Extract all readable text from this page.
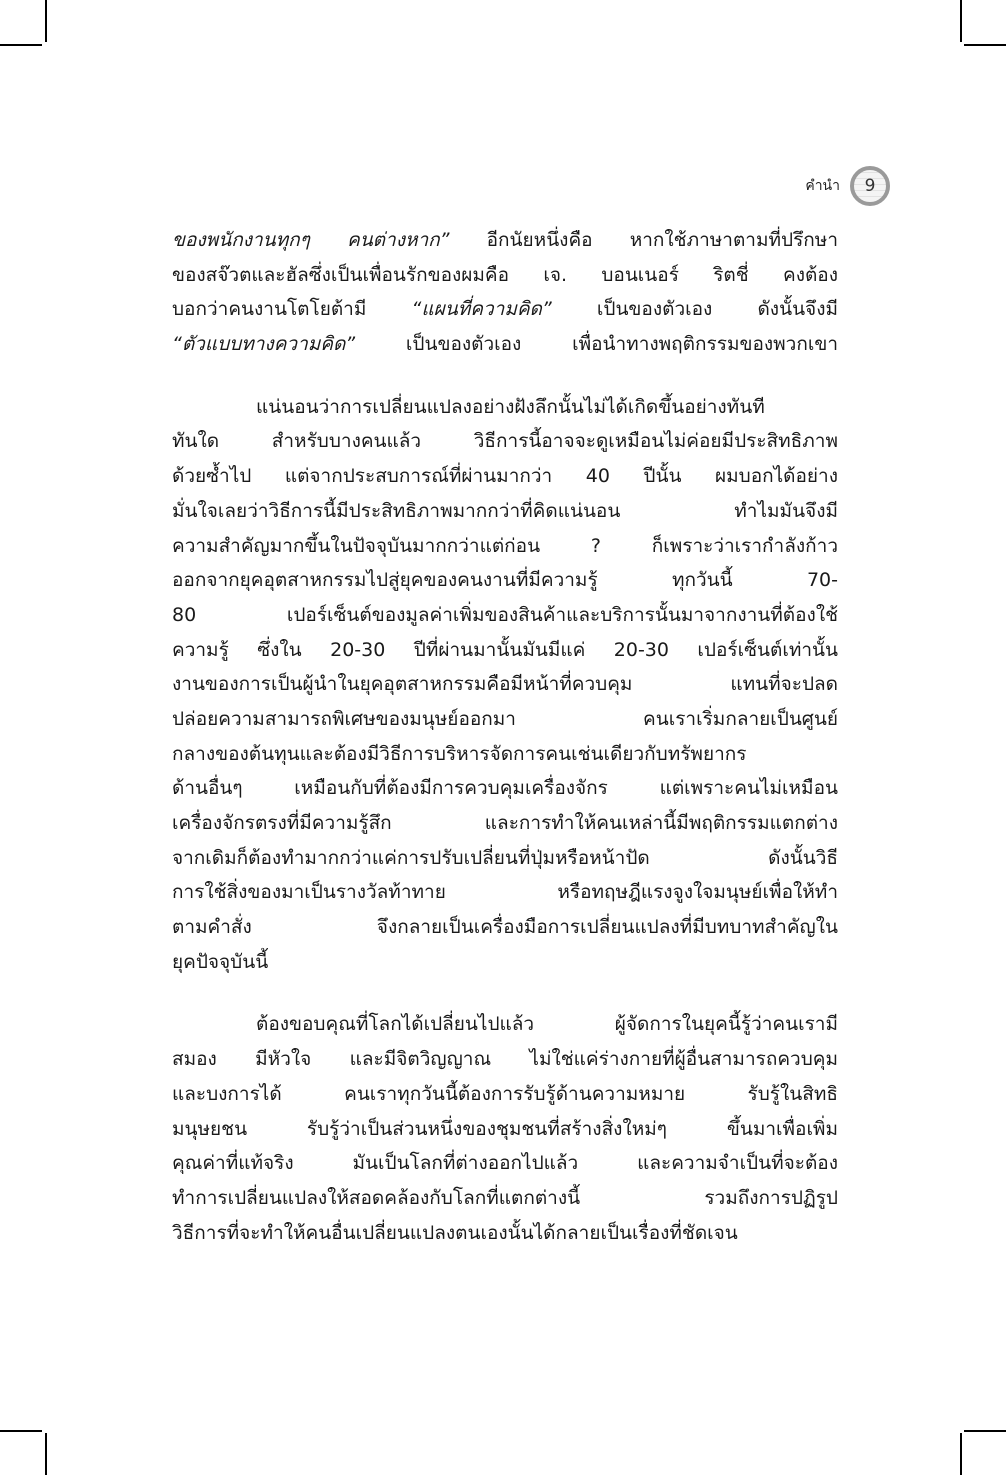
คำนำ	9
ของพนักงานทุกๆ คนต่างหาก” อีกนัยหนึ่งคือ หากใช้ภาษาตามที่ปรึกษา
ของสจ๊วตและฮัลซึ่งเป็นเพื่อนรักของผมคือ เจ. บอนเนอร์ ริตชี่ คงต้อง
บอกว่าคนงานโตโยต้ามี “แผนที่ความคิด” เป็นของตัวเอง ดังนั้นจึงมี
“ตัวแบบทางความคิด” เป็นของตัวเอง เพื่อนำทางพฤติกรรมของพวกเขา
แน่นอนว่าการเปลี่ยนแปลงอย่างฝังลึกนั้นไม่ได้เกิดขึ้นอย่างทันที
ทันใด สำหรับบางคนแล้ว วิธีการนี้อาจจะดูเหมือนไม่ค่อยมีประสิทธิภาพ
ด้วยซ้ำไป แต่จากประสบการณ์ที่ผ่านมากว่า 40 ปีนั้น ผมบอกได้อย่าง
มั่นใจเลยว่าวิธีการนี้มีประสิทธิภาพมากกว่าที่คิดแน่นอน ทำไมมันจึงมี
ความสำคัญมากขึ้นในปัจจุบันมากกว่าแต่ก่อน ? ก็เพราะว่าเรากำลังก้าว
ออกจากยุคอุตสาหกรรมไปสู่ยุคของคนงานที่มีความรู้ ทุกวันนี้ 70-
80 เปอร์เซ็นต์ของมูลค่าเพิ่มของสินค้าและบริการนั้นมาจากงานที่ต้องใช้
ความรู้ ซึ่งใน 20-30 ปีที่ผ่านมานั้นมันมีแค่ 20-30 เปอร์เซ็นต์เท่านั้น
งานของการเป็นผู้นำในยุคอุตสาหกรรมคือมีหน้าที่ควบคุม แทนที่จะปลด
ปล่อยความสามารถพิเศษของมนุษย์ออกมา คนเราเริ่มกลายเป็นศูนย์
กลางของต้นทุนและต้องมีวิธีการบริหารจัดการคนเช่นเดียวกับทรัพยากร
ด้านอื่นๆ เหมือนกับที่ต้องมีการควบคุมเครื่องจักร แต่เพราะคนไม่เหมือน
เครื่องจักรตรงที่มีความรู้สึก และการทำให้คนเหล่านี้มีพฤติกรรมแตกต่าง
จากเดิมก็ต้องทำมากกว่าแค่การปรับเปลี่ยนที่ปุ่มหรือหน้าปัด ดังนั้นวิธี
การใช้สิ่งของมาเป็นรางวัลท้าทาย หรือทฤษฎีแรงจูงใจมนุษย์เพื่อให้ทำ
ตามคำสั่ง จึงกลายเป็นเครื่องมือการเปลี่ยนแปลงที่มีบทบาทสำคัญใน
ยุคปัจจุบันนี้
ต้องขอบคุณที่โลกได้เปลี่ยนไปแล้ว ผู้จัดการในยุคนี้รู้ว่าคนเรามี
สมอง มีหัวใจ และมีจิตวิญญาณ ไม่ใช่แค่ร่างกายที่ผู้อื่นสามารถควบคุม
และบงการได้ คนเราทุกวันนี้ต้องการรับรู้ด้านความหมาย รับรู้ในสิทธิ
มนุษยชน รับรู้ว่าเป็นส่วนหนึ่งของชุมชนที่สร้างสิ่งใหม่ๆ ขึ้นมาเพื่อเพิ่ม
คุณค่าที่แท้จริง มันเป็นโลกที่ต่างออกไปแล้ว และความจำเป็นที่จะต้อง
ทำการเปลี่ยนแปลงให้สอดคล้องกับโลกที่แตกต่างนี้ รวมถึงการปฏิรูป
วิธีการที่จะทำให้คนอื่นเปลี่ยนแปลงตนเองนั้นได้กลายเป็นเรื่องที่ชัดเจน
